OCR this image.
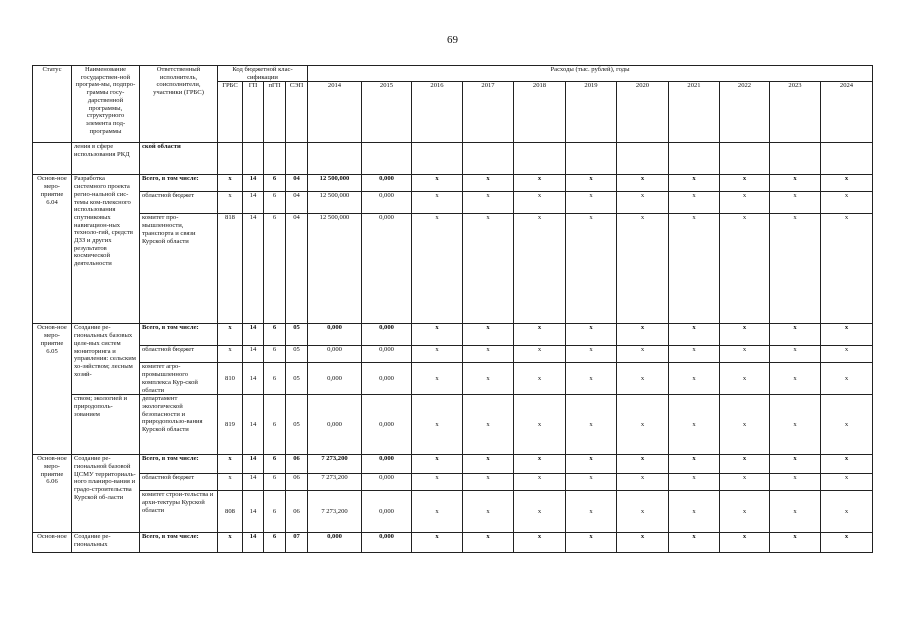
69
Статус	Наименование государствен-ной програм-мы, подпро-граммы госу-дарственной программы, структурного элемента под-программы	Ответственный исполнитель, соисполнители, участники (ГРБС)	Код бюджетной клас-сификации				Расходы (тыс. рублей), годы										
			ГРБС	ГП	пГП	СЭП	2014	2015	2016	2017	2018	2019	2020	2021	2022	2023	2024
	ления в сфере использования РКД	ской области															
Основ-ное меро-приятие 6.04	Разработка системного проекта регио-нальной сис-темы ком-плексного использования спутниковых навигацион-ных техноло-гий, средств ДЗЗ и других результатов космической деятельности	Всего, в том числе:	x	14	6	04	12 500,000	0,000	x	x	x	x	x	x	x	x	x
		областной бюджет	x	14	6	04	12 500,000	0,000	x	x	x	x	x	x	x	x	x
		комитет про-мышленности, транспорта и связи Курской области	818	14	6	04	12 500,000	0,000	x	x	x	x	x	x	x	x	x
Основ-ное меро-приятие 6.05	Создание ре-гиональных базовых целе-вых систем мониторинга и управления: сельским хо-зяйством; лесным хозяй-	Всего, в том числе:	x	14	6	05	0,000	0,000	x	x	x	x	x	x	x	x	x
		областной бюджет	x	14	6	05	0,000	0,000	x	x	x	x	x	x	x	x	x
		комитет агро-промышленного комплекса Кур-ской области	810	14	6	05	0,000	0,000	x	x	x	x	x	x	x	x	x
	ством; экологией и природополь-зованием	департамент экологической безопасности и природопользо-вания Курской области	819	14	6	05	0,000	0,000	x	x	x	x	x	x	x	x	x
Основ-ное меро-приятие 6.06	Создание ре-гиональной базовой ЦСМУ территориаль-ного планиро-вания и градо-строительства Курской об-ласти	Всего, в том числе:	x	14	6	06	7 273,200	0,000	x	x	x	x	x	x	x	x	x
		областной бюджет	x	14	6	06	7 273,200	0,000	x	x	x	x	x	x	x	x	x
		комитет строи-тельства и архи-тектуры Курской области	808	14	6	06	7 273,200	0,000	x	x	x	x	x	x	x	x	x
Основ-ное	Создание ре-гиональных	Всего, в том числе:	x	14	6	07	0,000	0,000	x	x	x	x	x	x	x	x	x
